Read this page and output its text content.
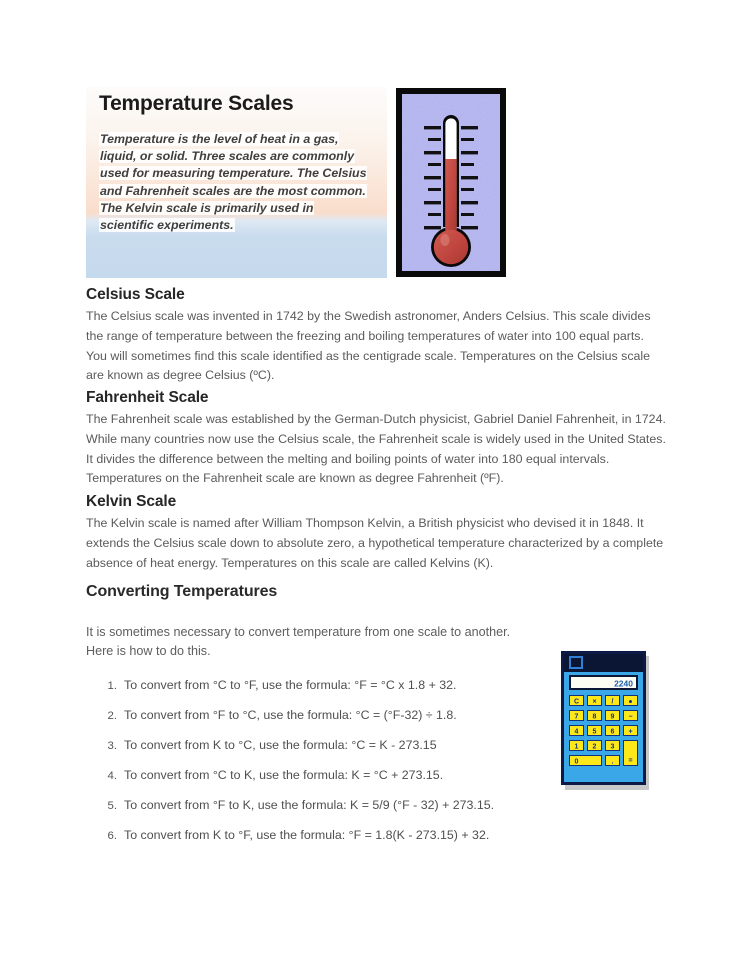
Temperature Scales
Temperature is the level of heat in a gas,
liquid, or solid. Three scales are commonly
used for measuring temperature. The Celsius
and Fahrenheit scales are the most common.
The Kelvin scale is primarily used in
scientific experiments.
Celsius Scale

The Celsius scale was invented in 1742 by the Swedish astronomer, Anders Celsius. This scale divides the range of temperature between the freezing and boiling temperatures of water into 100 equal parts. You will sometimes find this scale identified as the centigrade scale. Temperatures on the Celsius scale are known as degree Celsius (ºC).

Fahrenheit Scale

The Fahrenheit scale was established by the German-Dutch physicist, Gabriel Daniel Fahrenheit, in 1724. While many countries now use the Celsius scale, the Fahrenheit scale is widely used in the United States. It divides the difference between the melting and boiling points of water into 180 equal intervals. Temperatures on the Fahrenheit scale are known as degree Fahrenheit (ºF).

Kelvin Scale

The Kelvin scale is named after William Thompson Kelvin, a British physicist who devised it in 1848. It extends the Celsius scale down to absolute zero, a hypothetical temperature characterized by a complete absence of heat energy. Temperatures on this scale are called Kelvins (K).

Converting Temperatures

It is sometimes necessary to convert temperature from one scale to another. Here is how to do this.

To convert from °C to °F, use the formula: °F = °C x 1.8 + 32.
To convert from °F to °C, use the formula: °C = (°F-32) ÷ 1.8.
To convert from K to °C, use the formula: °C = K - 273.15
To convert from °C to K, use the formula: K = °C + 273.15.
To convert from °F to K, use the formula: K = 5/9 (°F - 32) + 273.15.
To convert from K to °F, use the formula: °F = 1.8(K - 273.15) + 32.
2240
C × / ●
7 8 9 −
4 5 6 +
1 2 3
=
0	.
